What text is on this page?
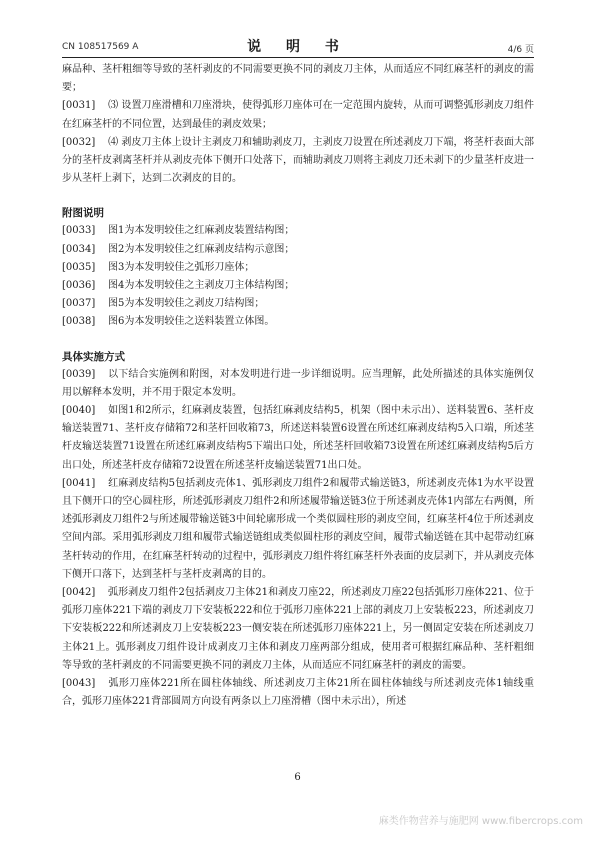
CN 108517569 A	说 明 书	4/6 页

麻品种、茎杆粗细等导致的茎杆剥皮的不同需要更换不同的剥皮刀主体，从而适应不同红麻茎杆的剥皮的需要；

[0031] ⑶ 设置刀座滑槽和刀座滑块，使得弧形刀座体可在一定范围内旋转，从而可调整弧形剥皮刀组件在红麻茎杆的不同位置，达到最佳的剥皮效果；

[0032] ⑷ 剥皮刀主体上设计主剥皮刀和辅助剥皮刀，主剥皮刀设置在所述剥皮刀下端，将茎杆表面大部分的茎杆皮剥离茎杆并从剥皮壳体下侧开口处落下，而辅助剥皮刀则将主剥皮刀还未剥下的少量茎杆皮进一步从茎杆上剥下，达到二次剥皮的目的。

附图说明

[0033] 图1为本发明较佳之红麻剥皮装置结构图；

[0034] 图2为本发明较佳之红麻剥皮结构示意图；

[0035] 图3为本发明较佳之弧形刀座体；

[0036] 图4为本发明较佳之主剥皮刀主体结构图；

[0037] 图5为本发明较佳之剥皮刀结构图；

[0038] 图6为本发明较佳之送料装置立体图。

具体实施方式

[0039] 以下结合实施例和附图，对本发明进行进一步详细说明。应当理解，此处所描述的具体实施例仅用以解释本发明，并不用于限定本发明。

[0040] 如图1和2所示，红麻剥皮装置，包括红麻剥皮结构5，机架（图中未示出）、送料装置6、茎杆皮输送装置71、茎杆皮存储箱72和茎杆回收箱73，所述送料装置6设置在所述红麻剥皮结构5入口端，所述茎杆皮输送装置71设置在所述红麻剥皮结构5下端出口处，所述茎杆回收箱73设置在所述红麻剥皮结构5后方出口处，所述茎杆皮存储箱72设置在所述茎杆皮输送装置71出口处。

[0041] 红麻剥皮结构5包括剥皮壳体1、弧形剥皮刀组件2和履带式输送链3，所述剥皮壳体1为水平设置且下侧开口的空心圆柱形，所述弧形剥皮刀组件2和所述履带输送链3位于所述剥皮壳体1内部左右两侧，所述弧形剥皮刀组件2与所述履带输送链3中间轮廓形成一个类似圆柱形的剥皮空间，红麻茎杆4位于所述剥皮空间内部。采用弧形剥皮刀组和履带式输送链组成类似圆柱形的剥皮空间，履带式输送链在其中起带动红麻茎杆转动的作用，在红麻茎杆转动的过程中，弧形剥皮刀组件将红麻茎杆外表面的皮层剥下，并从剥皮壳体下侧开口落下，达到茎杆与茎杆皮剥离的目的。

[0042] 弧形剥皮刀组件2包括剥皮刀主体21和剥皮刀座22，所述剥皮刀座22包括弧形刀座体221、位于弧形刀座体221下端的剥皮刀下安装板222和位于弧形刀座体221上部的剥皮刀上安装板223，所述剥皮刀下安装板222和所述剥皮刀上安装板223一侧安装在所述弧形刀座体221上，另一侧固定安装在所述剥皮刀主体21上。弧形剥皮刀组件设计成剥皮刀主体和剥皮刀座两部分组成，使用者可根据红麻品种、茎杆粗细等导致的茎杆剥皮的不同需要更换不同的剥皮刀主体，从而适应不同红麻茎杆的剥皮的需要。

[0043] 弧形刀座体221所在圆柱体轴线、所述剥皮刀主体21所在圆柱体轴线与所述剥皮壳体1轴线重合，弧形刀座体221背部圆周方向设有两条以上刀座滑槽（图中未示出），所述

6
麻类作物营养与施肥网 www.fibercrops.com
